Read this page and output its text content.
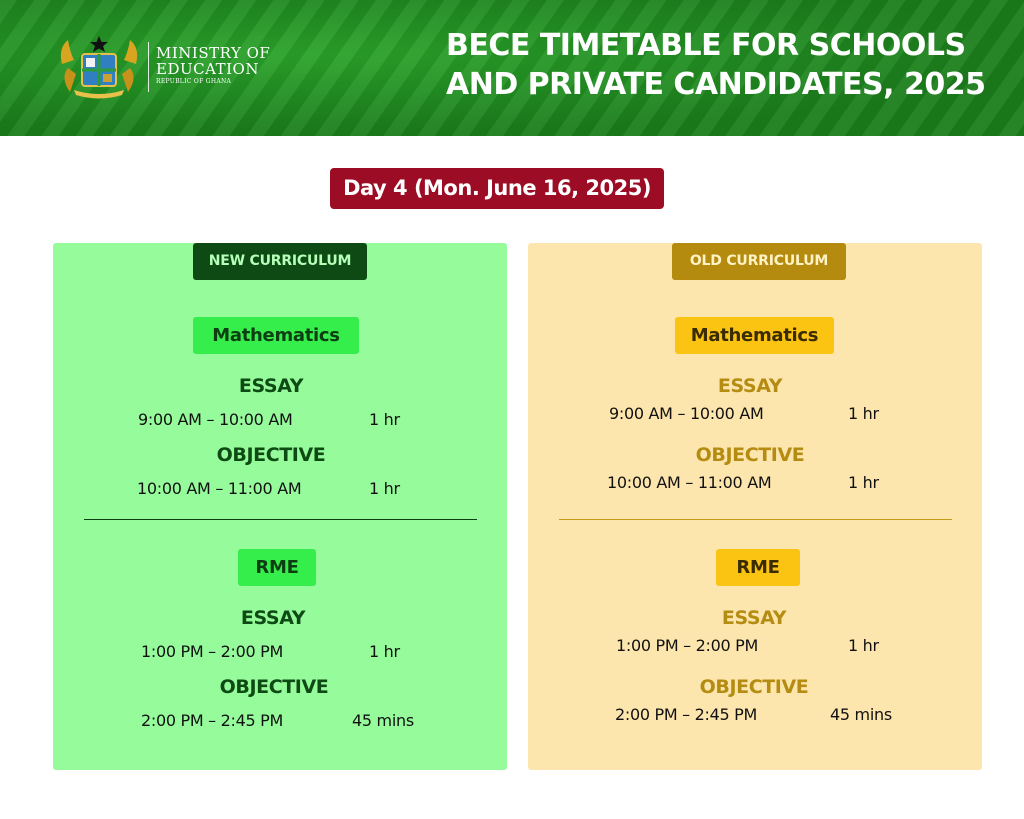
MINISTRY OF
EDUCATION
REPUBLIC OF GHANA
BECE TIMETABLE FOR SCHOOLS
AND PRIVATE CANDIDATES, 2025
Day 4 (Mon. June 16, 2025)
NEW CURRICULUM
Mathematics
ESSAY
9:00 AM – 10:00 AM	1 hr
OBJECTIVE
10:00 AM – 11:00 AM	1 hr
RME
ESSAY
1:00 PM – 2:00 PM	1 hr
OBJECTIVE
2:00 PM – 2:45 PM	45 mins
OLD CURRICULUM
Mathematics
ESSAY
9:00 AM – 10:00 AM	1 hr
OBJECTIVE
10:00 AM – 11:00 AM	1 hr
RME
ESSAY
1:00 PM – 2:00 PM	1 hr
OBJECTIVE
2:00 PM – 2:45 PM	45 mins
